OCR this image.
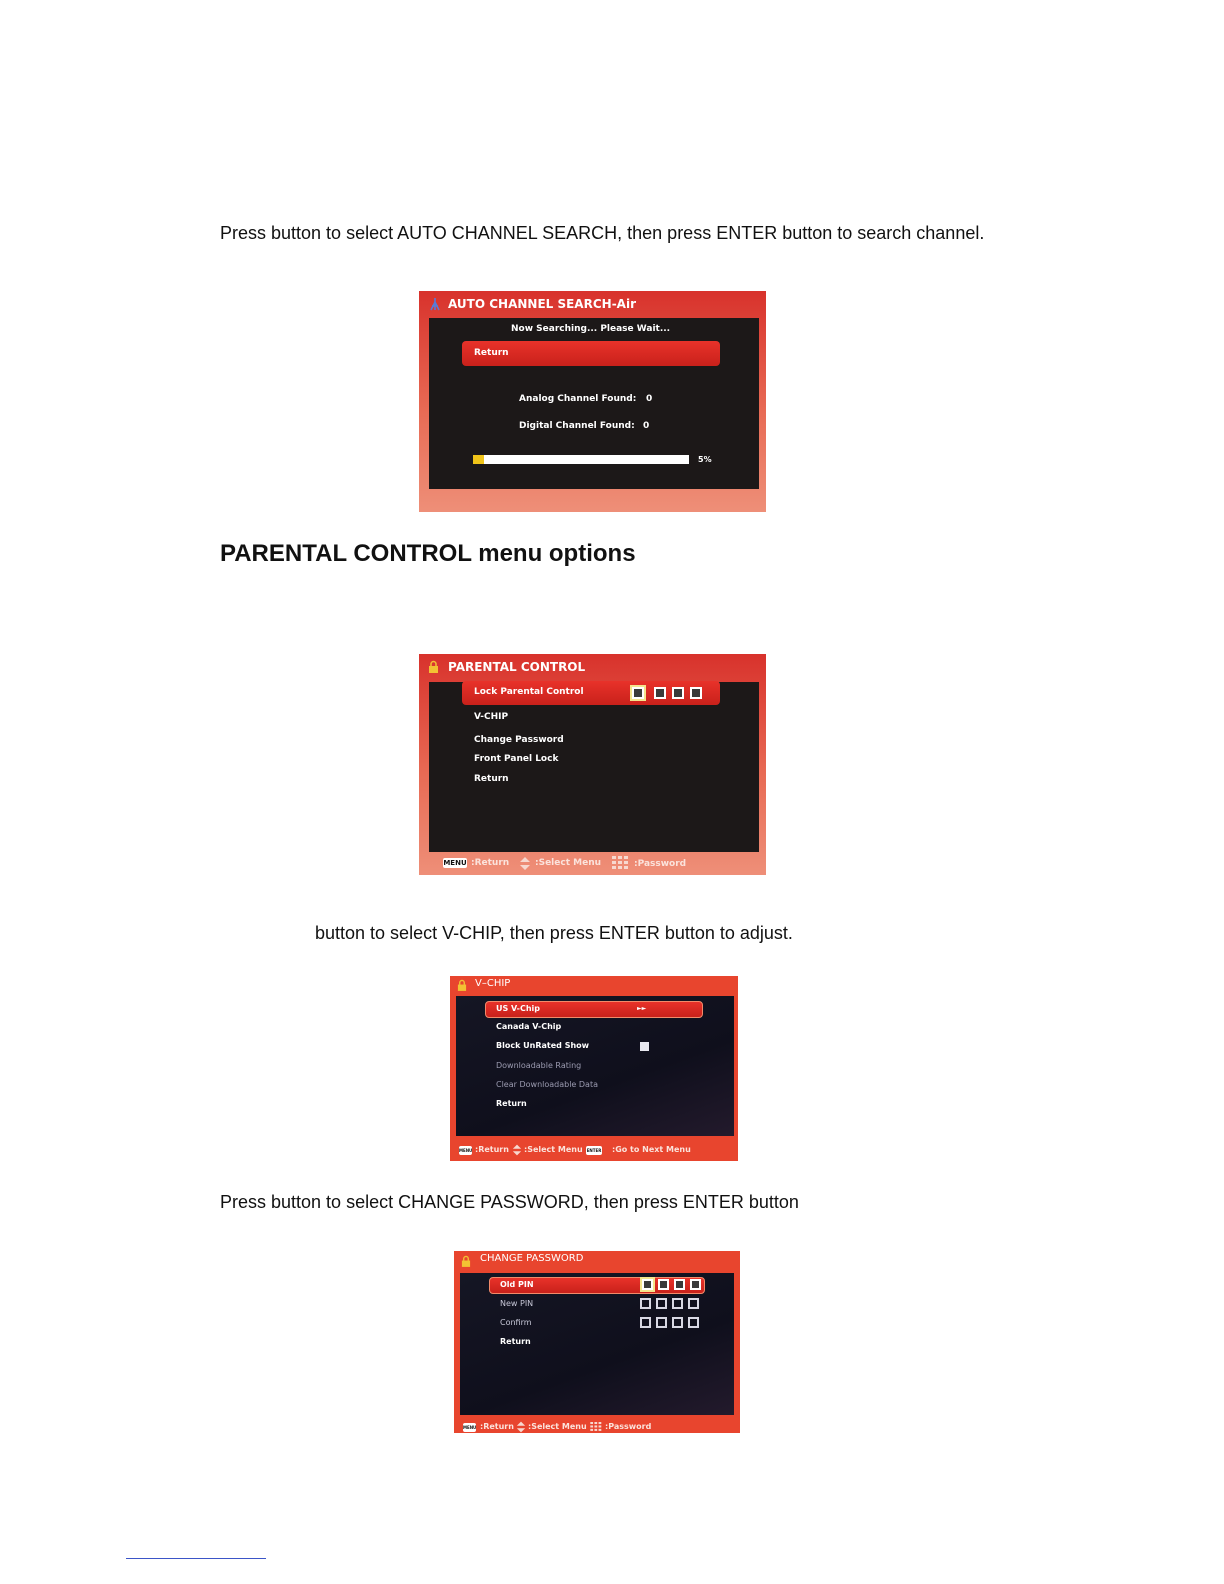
Press button to select AUTO CHANNEL SEARCH, then press ENTER button to search channel.
AUTO CHANNEL SEARCH-Air
Now Searching... Please Wait...
Return
Analog Channel Found: 0
Digital Channel Found: 0
5%
PARENTAL CONTROL menu options
PARENTAL CONTROL
Lock Parental Control
V-CHIP
Change Password
Front Panel Lock
Return
MENU :Return	:Select Menu	:Password
button to select V-CHIP, then press ENTER button to adjust.
V–CHIP
US V-Chip	►►
Canada V-Chip
Block UnRated Show
Downloadable Rating
Clear Downloadable Data
Return
MENU :Return :Select Menu ENTER :Go to Next Menu
Press button to select CHANGE PASSWORD, then press ENTER button
CHANGE PASSWORD
Old PIN
New PIN
Confirm
Return
MENU :Return :Select Menu :Password
